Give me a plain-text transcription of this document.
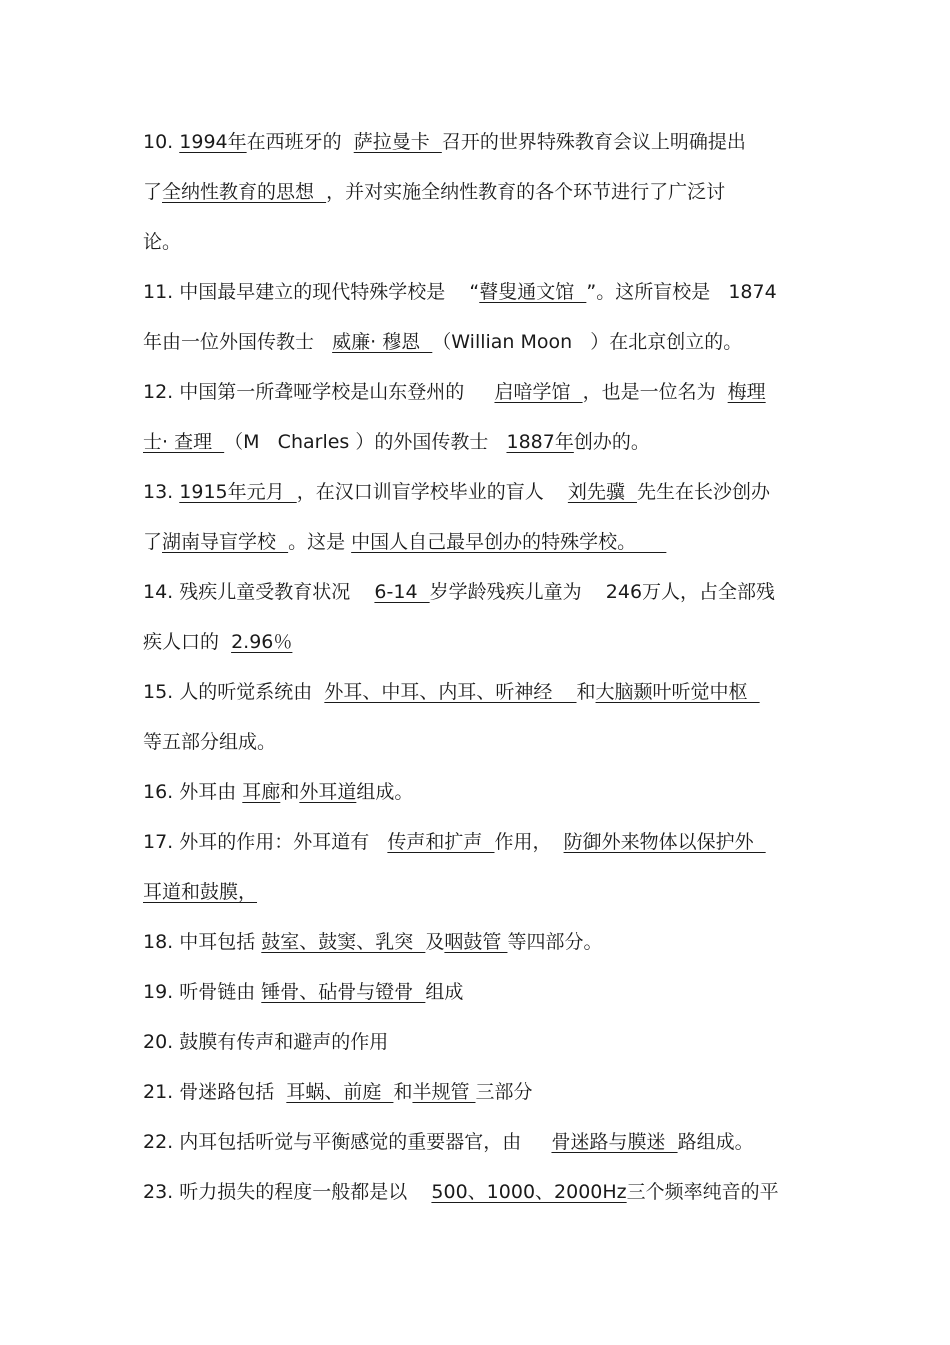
10. 1994年在西班牙的  萨拉曼卡  召开的世界特殊教育会议上明确提出
了全纳性教育的思想  ，并对实施全纳性教育的各个环节进行了广泛讨
论。
11. 中国最早建立的现代特殊学校是    “瞽叟通文馆  ”。这所盲校是   1874
年由一位外国传教士   威廉· 穆恩  （Willian Moon   ）在北京创立的。
12. 中国第一所聋哑学校是山东登州的     启喑学馆  ，也是一位名为  梅理
士· 查理  （M   Charles ）的外国传教士   1887年创办的。
13. 1915年元月  ，在汉口训盲学校毕业的盲人    刘先骥  先生在长沙创办
了湖南导盲学校  。这是 中国人自己最早创办的特殊学校。
14. 残疾儿童受教育状况    6-14  岁学龄残疾儿童为    246万人，占全部残
疾人口的  2.96％
15. 人的听觉系统由  外耳、中耳、内耳、听神经    和大脑颞叶听觉中枢
等五部分组成。
16. 外耳由 耳廊和外耳道组成。
17. 外耳的作用：外耳道有   传声和扩声  作用，  防御外来物体以保护外
耳道和鼓膜，
18. 中耳包括 鼓室、鼓窦、乳突  及咽鼓管 等四部分。
19. 听骨链由 锤骨、砧骨与镫骨  组成
20. 鼓膜有传声和避声的作用
21. 骨迷路包括  耳蜗、前庭  和半规管 三部分
22. 内耳包括听觉与平衡感觉的重要器官，由     骨迷路与膜迷  路组成。
23. 听力损失的程度一般都是以    500、1000、2000Hz三个频率纯音的平
